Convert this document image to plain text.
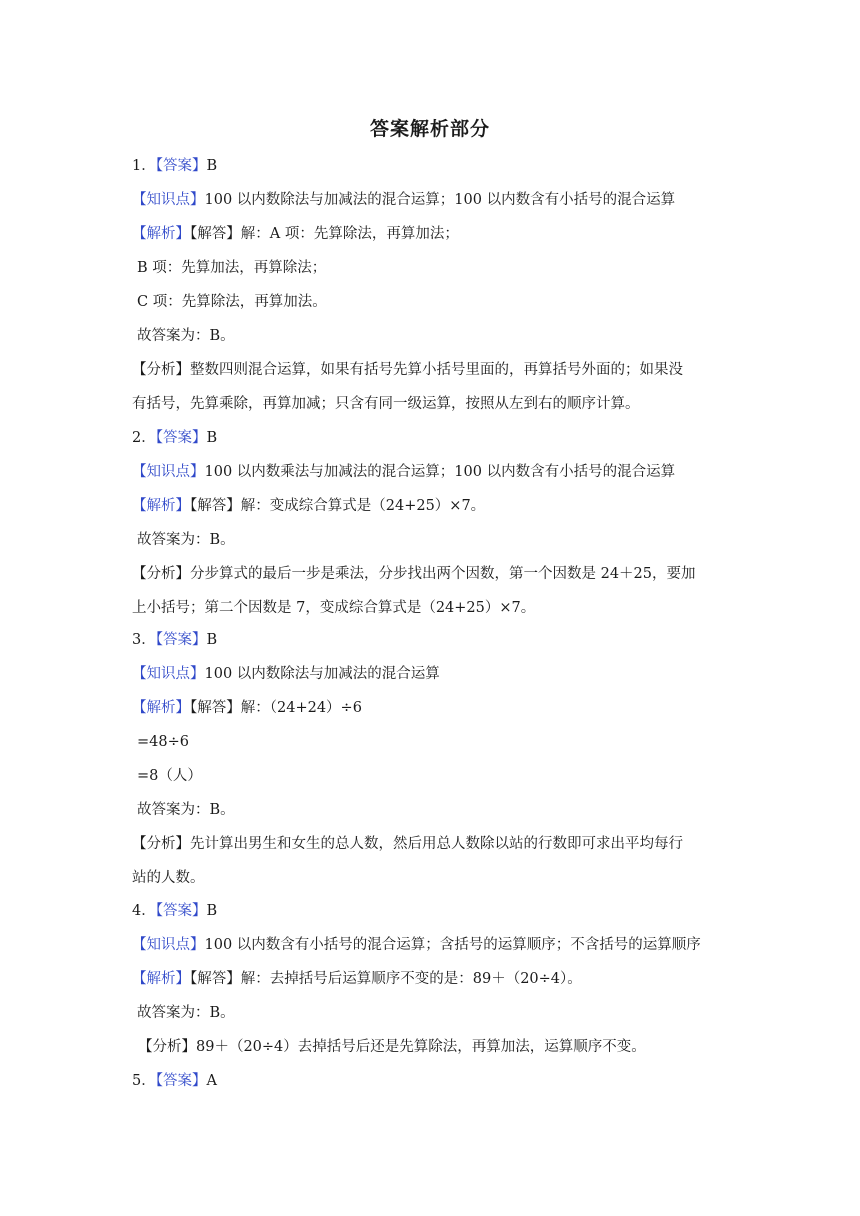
答案解析部分
1．【答案】B
【知识点】100 以内数除法与加减法的混合运算；100 以内数含有小括号的混合运算
【解析】【解答】解：A 项：先算除法，再算加法；
B 项：先算加法，再算除法；
C 项：先算除法，再算加法。
故答案为：B。
【分析】整数四则混合运算，如果有括号先算小括号里面的，再算括号外面的；如果没
有括号，先算乘除，再算加减；只含有同一级运算，按照从左到右的顺序计算。
2．【答案】B
【知识点】100 以内数乘法与加减法的混合运算；100 以内数含有小括号的混合运算
【解析】【解答】解：变成综合算式是（24+25）×7。
故答案为：B。
【分析】分步算式的最后一步是乘法，分步找出两个因数，第一个因数是 24＋25，要加
上小括号；第二个因数是 7，变成综合算式是（24+25）×7。
3．【答案】B
【知识点】100 以内数除法与加减法的混合运算
【解析】【解答】解：（24+24）÷6
=48÷6
=8（人）
故答案为：B。
【分析】先计算出男生和女生的总人数，然后用总人数除以站的行数即可求出平均每行
站的人数。
4．【答案】B
【知识点】100 以内数含有小括号的混合运算；含括号的运算顺序；不含括号的运算顺序
【解析】【解答】解：去掉括号后运算顺序不变的是：89＋（20÷4）。
故答案为：B。
【分析】89＋（20÷4）去掉括号后还是先算除法，再算加法，运算顺序不变。
5．【答案】A
